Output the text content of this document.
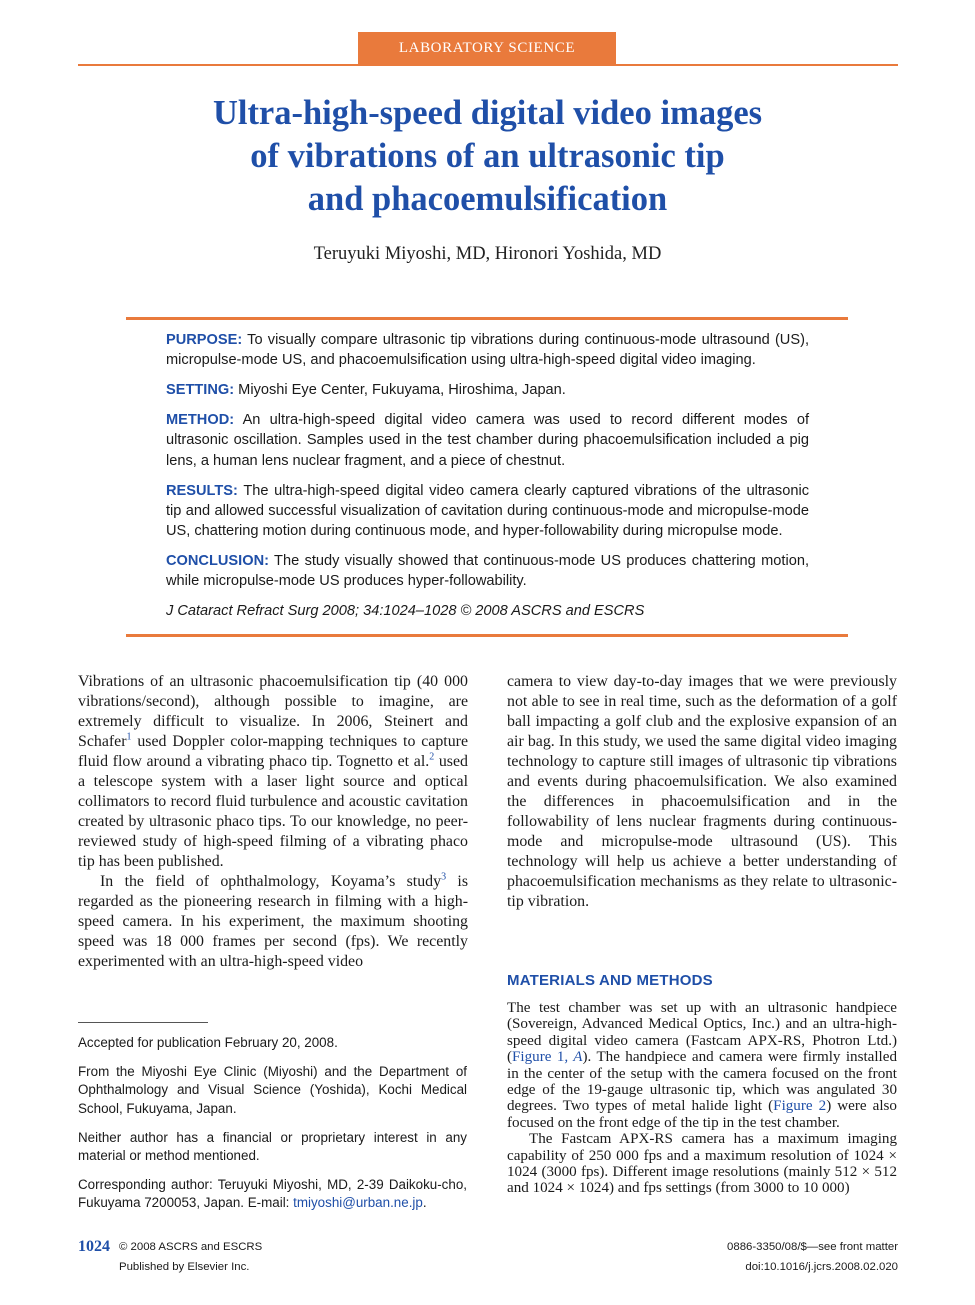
LABORATORY SCIENCE
Ultra-high-speed digital video images
of vibrations of an ultrasonic tip
and phacoemulsification
Teruyuki Miyoshi, MD, Hironori Yoshida, MD

PURPOSE: To visually compare ultrasonic tip vibrations during continuous-mode ultrasound (US), micropulse-mode US, and phacoemulsification using ultra-high-speed digital video imaging.

SETTING: Miyoshi Eye Center, Fukuyama, Hiroshima, Japan.

METHOD: An ultra-high-speed digital video camera was used to record different modes of ultrasonic oscillation. Samples used in the test chamber during phacoemulsification included a pig lens, a human lens nuclear fragment, and a piece of chestnut.

RESULTS: The ultra-high-speed digital video camera clearly captured vibrations of the ultrasonic tip and allowed successful visualization of cavitation during continuous-mode and micropulse-mode US, chattering motion during continuous mode, and hyper-followability during micropulse mode.

CONCLUSION: The study visually showed that continuous-mode US produces chattering motion, while micropulse-mode US produces hyper-followability.

J Cataract Refract Surg 2008; 34:1024–1028 © 2008 ASCRS and ESCRS

Vibrations of an ultrasonic phacoemulsification tip (40 000 vibrations/second), although possible to imagine, are extremely difficult to visualize. In 2006, Steinert and Schafer$^1$ used Doppler color-mapping techniques to capture fluid flow around a vibrating phaco tip. Tognetto et al.$^2$ used a telescope system with a laser light source and optical collimators to record fluid turbulence and acoustic cavitation created by ultrasonic phaco tips. To our knowledge, no peer-reviewed study of high-speed filming of a vibrating phaco tip has been published.

In the field of ophthalmology, Koyama’s study$^3$ is regarded as the pioneering research in filming with a high-speed camera. In his experiment, the maximum shooting speed was 18 000 frames per second (fps). We recently experimented with an ultra-high-speed video

camera to view day-to-day images that we were previously not able to see in real time, such as the deformation of a golf ball impacting a golf club and the explosive expansion of an air bag. In this study, we used the same digital video imaging technology to capture still images of ultrasonic tip vibrations and events during phacoemulsification. We also examined the differences in phacoemulsification and in the followability of lens nuclear fragments during continuous-mode and micropulse-mode ultrasound (US). This technology will help us achieve a better understanding of phacoemulsification mechanisms as they relate to ultrasonic-tip vibration.

MATERIALS AND METHODS

The test chamber was set up with an ultrasonic handpiece (Sovereign, Advanced Medical Optics, Inc.) and an ultra-high-speed digital video camera (Fastcam APX-RS, Photron Ltd.) (Figure 1, A). The handpiece and camera were firmly installed in the center of the setup with the camera focused on the front edge of the 19-gauge ultrasonic tip, which was angulated 30 degrees. Two types of metal halide light (Figure 2) were also focused on the front edge of the tip in the test chamber.

The Fastcam APX-RS camera has a maximum imaging capability of 250 000 fps and a maximum resolution of 1024 × 1024 (3000 fps). Different image resolutions (mainly 512 × 512 and 1024 × 1024) and fps settings (from 3000 to 10 000)

Accepted for publication February 20, 2008.

From the Miyoshi Eye Clinic (Miyoshi) and the Department of Ophthalmology and Visual Science (Yoshida), Kochi Medical School, Fukuyama, Japan.

Neither author has a financial or proprietary interest in any material or method mentioned.

Corresponding author: Teruyuki Miyoshi, MD, 2-39 Daikoku-cho, Fukuyama 7200053, Japan. E-mail: tmiyoshi@urban.ne.jp.

1024 © 2008 ASCRS and ESCRS
Published by Elsevier Inc.
0886-3350/08/$—see front matter
doi:10.1016/j.jcrs.2008.02.020
